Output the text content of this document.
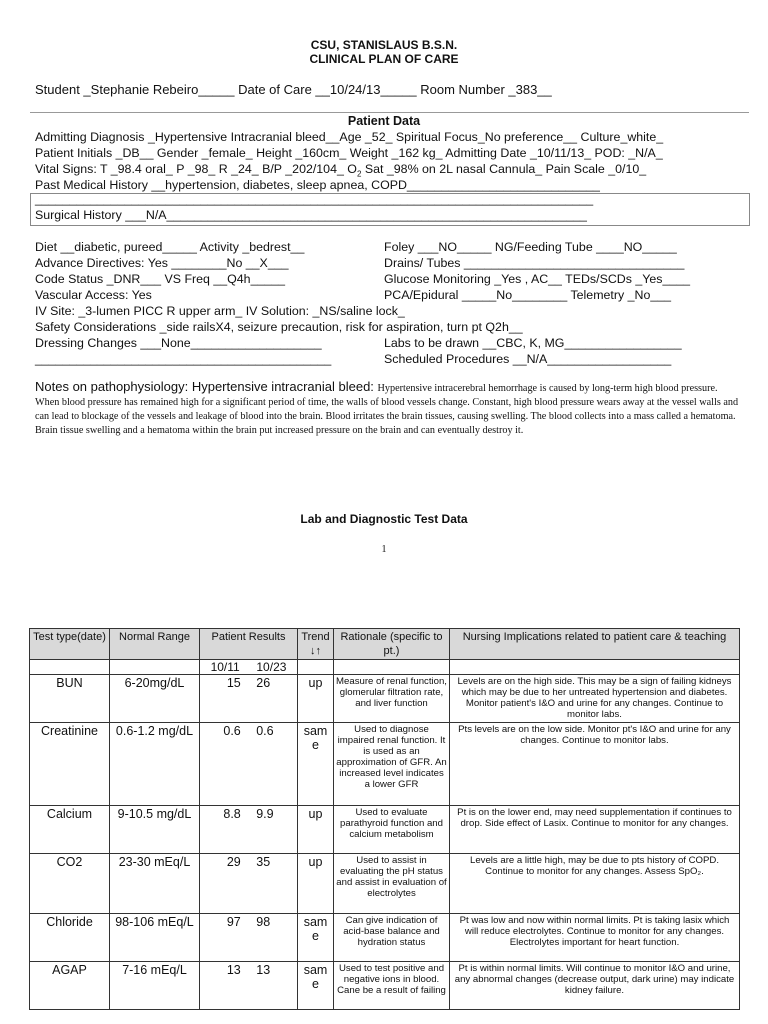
CSU, STANISLAUS B.S.N.
CLINICAL PLAN OF CARE
Student _Stephanie Rebeiro_____ Date of Care __10/24/13_____ Room Number _383__
Patient Data
Admitting Diagnosis _Hypertensive Intracranial bleed__Age _52_ Spiritual Focus_No preference__ Culture_white_
Patient Initials _DB__ Gender _female_ Height _160cm_ Weight _162 kg_ Admitting Date _10/11/13_ POD: _N/A_
Vital Signs: T _98.4 oral_ P _98_ R _24_ B/P _202/104_ $O_2$ Sat _98% on 2L nasal Cannula_ Pain Scale _0/10_
Past Medical History __hypertension, diabetes, sleep apnea, COPD____________________________
_________________________________________________________________________________
Surgical History ___N/A_____________________________________________________________
Diet __diabetic, pureed_____ Activity _bedrest__
Advance Directives: Yes ________No __X___
Code Status _DNR___ VS Freq __Q4h_____
Vascular Access: Yes
Foley ___NO_____ NG/Feeding Tube ____NO_____
Drains/ Tubes ________________________________
Glucose Monitoring _Yes , AC__ TEDs/SCDs _Yes____
PCA/Epidural _____No________ Telemetry _No___
IV Site: _3-lumen PICC R upper arm_ IV Solution: _NS/saline lock_
Safety Considerations _side railsX4, seizure precaution, risk for aspiration, turn pt Q2h__
Dressing Changes ___None___________________
___________________________________________
Labs to be drawn __CBC, K, MG_________________
Scheduled Procedures __N/A__________________
Notes on pathophysiology: Hypertensive intracranial bleed: Hypertensive intracerebral hemorrhage is caused by long-term high blood pressure. When blood pressure has remained high for a significant period of time, the walls of blood vessels change. Constant, high blood pressure wears away at the vessel walls and can lead to blockage of the vessels and leakage of blood into the brain. Blood irritates the brain tissues, causing swelling. The blood collects into a mass called a hematoma. Brain tissue swelling and a hematoma within the brain put increased pressure on the brain and can eventually destroy it.
Lab and Diagnostic Test Data
1
Test type(date)	Normal Range	Patient Results	Trend ↓↑	Rationale (specific to pt.)	Nursing Implications related to patient care & teaching
		10/11     10/23			
BUN	6-20mg/dL	15 26	up	Measure of renal function, glomerular filtration rate, and liver function	Levels are on the high side. This may be a sign of failing kidneys which may be due to her untreated hypertension and diabetes. Monitor patient's I&O and urine for any changes. Continue to monitor labs.
Creatinine	0.6-1.2 mg/dL	0.6 0.6	sam e	Used to diagnose impaired renal function. It is used as an approximation of GFR. An increased level indicates a lower GFR	Pts levels are on the low side. Monitor pt's I&O and urine for any changes. Continue to monitor labs.
Calcium	9-10.5 mg/dL	8.8 9.9	up	Used to evaluate parathyroid function and calcium metabolism	Pt is on the lower end, may need supplementation if continues to drop. Side effect of Lasix. Continue to monitor for any changes.
CO2	23-30 mEq/L	29 35	up	Used to assist in evaluating the pH status and assist in evaluation of electrolytes	Levels are a little high, may be due to pts history of COPD. Continue to monitor for any changes. Assess SpO₂.
Chloride	98-106 mEq/L	97 98	sam e	Can give indication of acid-base balance and hydration status	Pt was low and now within normal limits. Pt is taking lasix which will reduce electrolytes. Continue to monitor for any changes. Electrolytes important for heart function.
AGAP	7-16 mEq/L	13 13	sam e	Used to test positive and negative ions in blood. Cane be a result of failing	Pt is within normal limits. Will continue to monitor I&O and urine, any abnormal changes (decrease output, dark urine) may indicate kidney failure.
